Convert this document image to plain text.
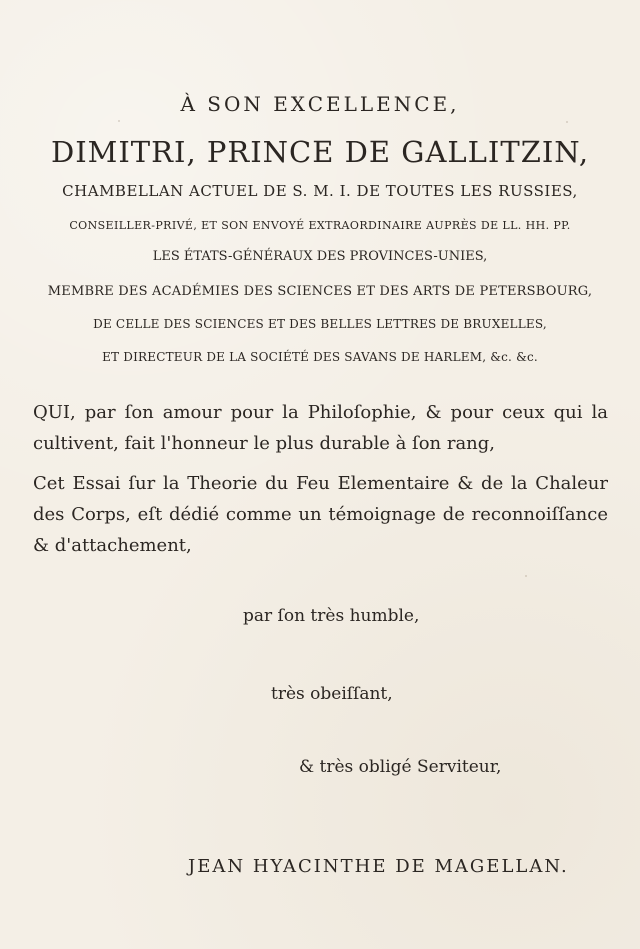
À SON EXCELLENCE,
DIMITRI, PRINCE DE GALLITZIN,
CHAMBELLAN ACTUEL DE S. M. I. DE TOUTES LES RUSSIES,
CONSEILLER-PRIVÉ, ET SON ENVOYÉ EXTRAORDINAIRE AUPRÈS DE LL. HH. PP.
LES ÉTATS-GÉNÉRAUX DES PROVINCES-UNIES,
MEMBRE DES ACADÉMIES DES SCIENCES ET DES ARTS DE PETERSBOURG,
DE CELLE DES SCIENCES ET DES BELLES LETTRES DE BRUXELLES,
ET DIRECTEUR DE LA SOCIÉTÉ DES SAVANS DE HARLEM, &c. &c.
QUI, par ſon amour pour la Philoſophie, & pour ceux qui la cultivent, fait l'honneur le plus durable à ſon rang,
Cet Essai ſur la Theorie du Feu Elementaire & de la Chaleur des Corps, eſt dédié comme un témoignage de reconnoiſſance & d'attachement,
par ſon très humble,
très obeiſſant,
& très obligé Serviteur,
JEAN HYACINTHE DE MAGELLAN.
